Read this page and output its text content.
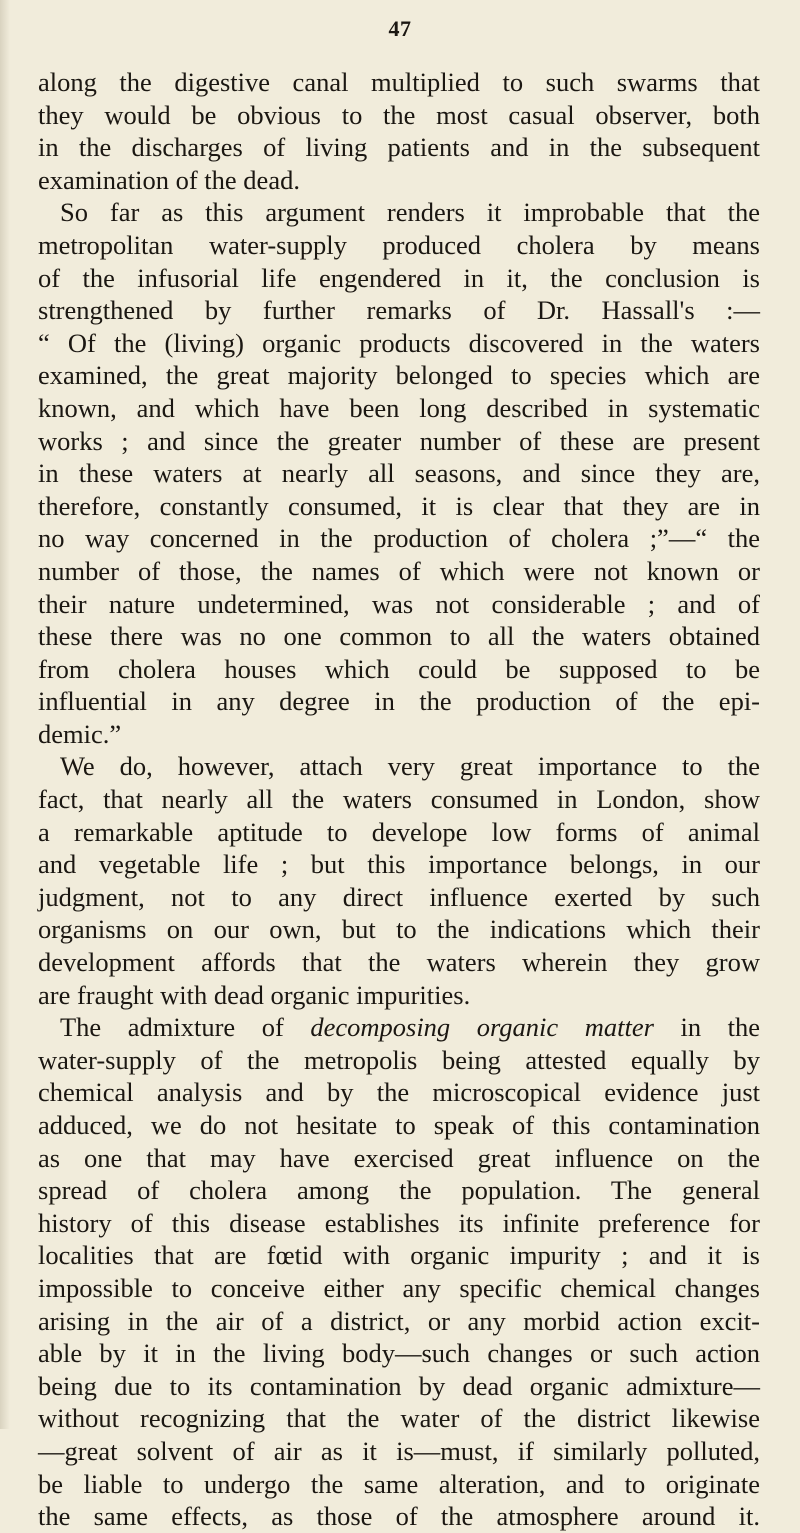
47
along the digestive canal multiplied to such swarms that
they would be obvious to the most casual observer, both
in the discharges of living patients and in the subsequent
examination of the dead.
So far as this argument renders it improbable that the
metropolitan water-supply produced cholera by means
of the infusorial life engendered in it, the conclusion is
strengthened by further remarks of Dr. Hassall's :—
“ Of the (living) organic products discovered in the waters
examined, the great majority belonged to species which are
known, and which have been long described in systematic
works ; and since the greater number of these are present
in these waters at nearly all seasons, and since they are,
therefore, constantly consumed, it is clear that they are in
no way concerned in the production of cholera ;”—“ the
number of those, the names of which were not known or
their nature undetermined, was not considerable ; and of
these there was no one common to all the waters obtained
from cholera houses which could be supposed to be
influential in any degree in the production of the epi-
demic.”
We do, however, attach very great importance to the
fact, that nearly all the waters consumed in London, show
a remarkable aptitude to develope low forms of animal
and vegetable life ; but this importance belongs, in our
judgment, not to any direct influence exerted by such
organisms on our own, but to the indications which their
development affords that the waters wherein they grow
are fraught with dead organic impurities.
The admixture of decomposing organic matter in the
water-supply of the metropolis being attested equally by
chemical analysis and by the microscopical evidence just
adduced, we do not hesitate to speak of this contamination
as one that may have exercised great influence on the
spread of cholera among the population. The general
history of this disease establishes its infinite preference for
localities that are fœtid with organic impurity ; and it is
impossible to conceive either any specific chemical changes
arising in the air of a district, or any morbid action excit-
able by it in the living body—such changes or such action
being due to its contamination by dead organic admixture—
without recognizing that the water of the district likewise
—great solvent of air as it is—must, if similarly polluted,
be liable to undergo the same alteration, and to originate
the same effects, as those of the atmosphere around it.
